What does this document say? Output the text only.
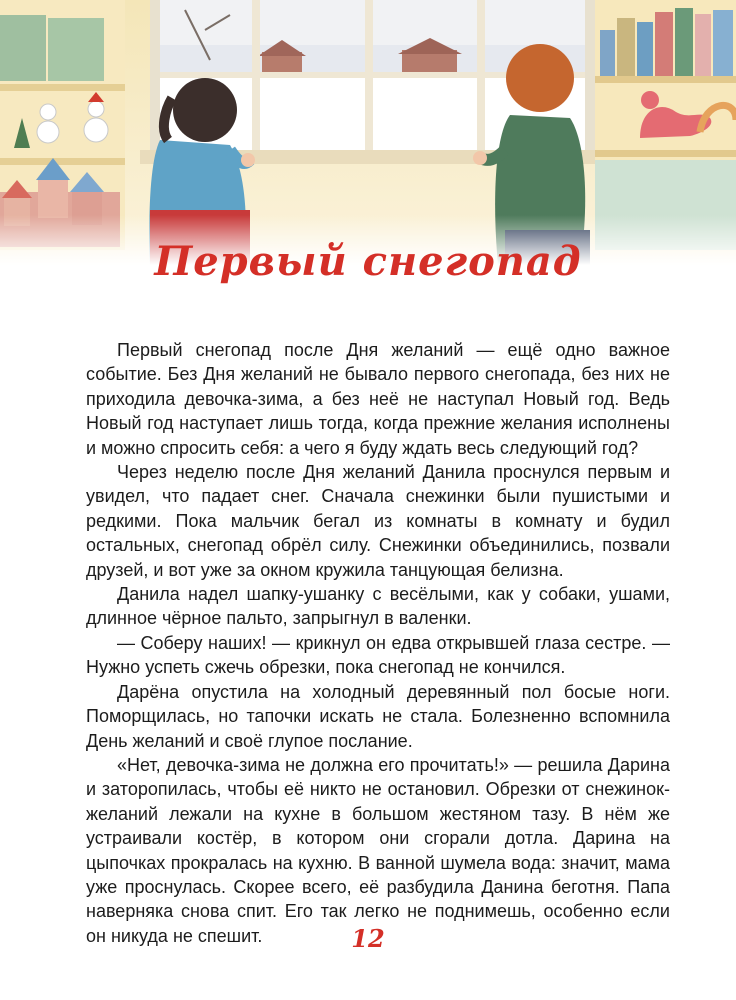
Первый снегопад

Первый снегопад после Дня желаний — ещё одно важное событие. Без Дня желаний не бывало первого снегопада, без них не приходила девочка-зима, а без неё не наступал Новый год. Ведь Новый год наступает лишь тогда, когда прежние желания исполнены и можно спросить себя: а чего я буду ждать весь следующий год?

Через неделю после Дня желаний Данила проснулся первым и увидел, что падает снег. Сначала снежинки были пушистыми и редкими. Пока мальчик бегал из комнаты в комнату и будил остальных, снегопад обрёл силу. Снежинки объединились, позвали друзей, и вот уже за окном кружила танцующая белизна.

Данила надел шапку-ушанку с весёлыми, как у собаки, ушами, длинное чёрное пальто, запрыгнул в валенки.

— Соберу наших! — крикнул он едва открывшей глаза сестре. — Нужно успеть сжечь обрезки, пока снегопад не кончился.

Дарёна опустила на холодный деревянный пол босые ноги. Поморщилась, но тапочки искать не стала. Болезненно вспомнила День желаний и своё глупое послание.

«Нет, девочка-зима не должна его прочитать!» — решила Дарина и заторопилась, чтобы её никто не остановил. Обрезки от снежинок-желаний лежали на кухне в большом жестяном тазу. В нём же устраивали костёр, в котором они сгорали дотла. Дарина на цыпочках прокралась на кухню. В ванной шумела вода: значит, мама уже проснулась. Скорее всего, её разбудила Данина беготня. Папа наверняка снова спит. Его так легко не поднимешь, особенно если он никуда не спешит.	12
